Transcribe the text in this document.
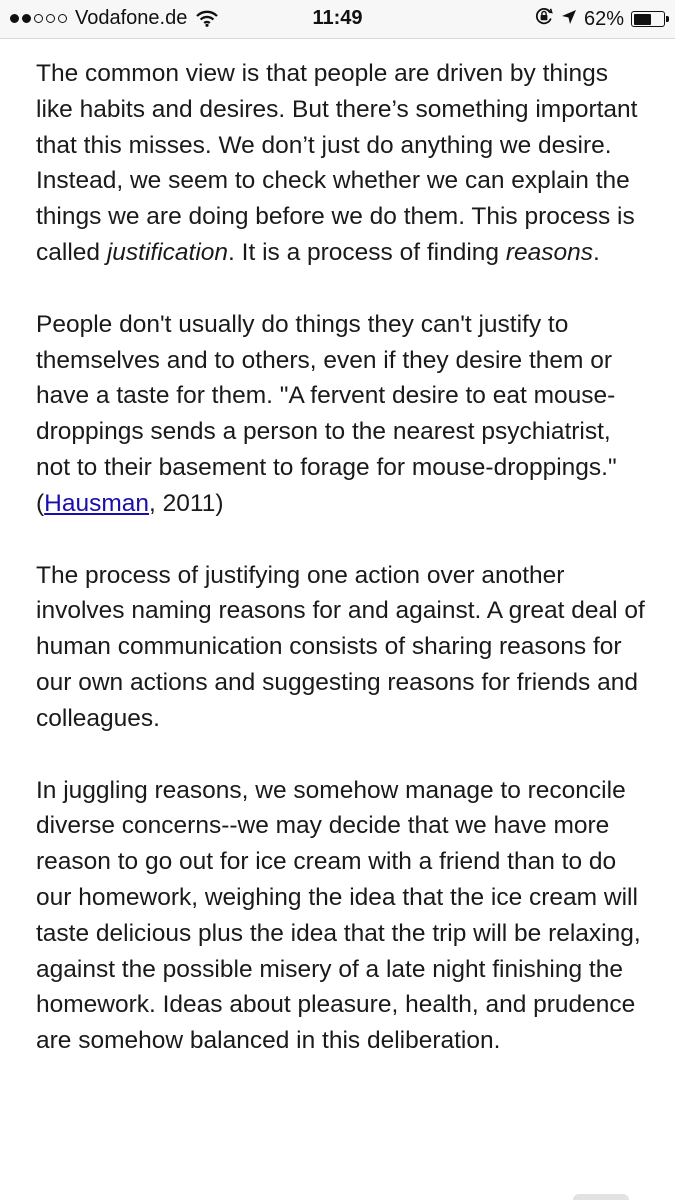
Vodafone.de	11:49	62%

The common view is that people are driven by things like habits and desires. But there’s something important that this misses. We don’t just do anything we desire. Instead, we seem to check whether we can explain the things we are doing before we do them. This process is called justification. It is a process of finding reasons.

People don't usually do things they can't justify to themselves and to others, even if they desire them or have a taste for them. "A fervent desire to eat mouse-droppings sends a person to the nearest psychiatrist, not to their basement to forage for mouse-droppings." (Hausman, 2011)

The process of justifying one action over another involves naming reasons for and against. A great deal of human communication consists of sharing reasons for our own actions and suggesting reasons for friends and colleagues.

In juggling reasons, we somehow manage to reconcile diverse concerns--we may decide that we have more reason to go out for ice cream with a friend than to do our homework, weighing the idea that the ice cream will taste delicious plus the idea that the trip will be relaxing, against the possible misery of a late night finishing the homework. Ideas about pleasure, health, and prudence are somehow balanced in this deliberation.
